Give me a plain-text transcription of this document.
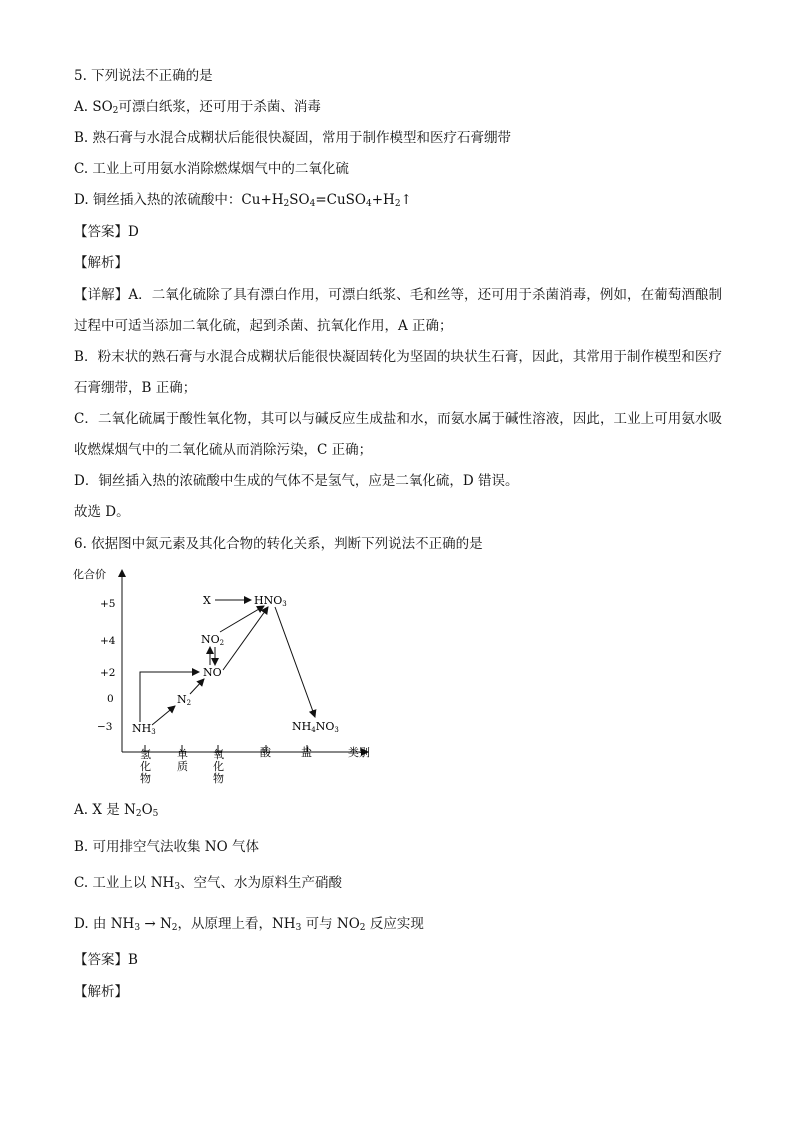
5. 下列说法不正确的是
A. $SO_2$可漂白纸浆，还可用于杀菌、消毒
B. 熟石膏与水混合成糊状后能很快凝固，常用于制作模型和医疗石膏绷带
C. 工业上可用氨水消除燃煤烟气中的二氧化硫
D. 铜丝插入热的浓硫酸中：$Cu+H_2SO_4=CuSO_4+H_2↑$
【答案】D
【解析】
【详解】A．二氧化硫除了具有漂白作用，可漂白纸浆、毛和丝等，还可用于杀菌消毒，例如，在葡萄酒酿制过程中可适当添加二氧化硫，起到杀菌、抗氧化作用，A 正确；
B．粉末状的熟石膏与水混合成糊状后能很快凝固转化为坚固的块状生石膏，因此，其常用于制作模型和医疗石膏绷带，B 正确；
C．二氧化硫属于酸性氧化物，其可以与碱反应生成盐和水，而氨水属于碱性溶液，因此，工业上可用氨水吸收燃煤烟气中的二氧化硫从而消除污染，C 正确；
D．铜丝插入热的浓硫酸中生成的气体不是氢气，应是二氧化硫，D 错误。
故选 D。
6. 依据图中氮元素及其化合物的转化关系，判断下列说法不正确的是
化合价
类别
+5
+4
+2
0
−3
氢化物
单质
氧化物
酸	盐
X	HNO3
NO2
NO
N2
NH3	NH4NO3
A. X 是 $N_2O_5$
B. 可用排空气法收集 NO 气体
C. 工业上以 $NH_3$、空气、水为原料生产硝酸
D. 由 $NH_3 \to N_2$，从原理上看，$NH_3$ 可与 $NO_2$ 反应实现
【答案】B
【解析】
